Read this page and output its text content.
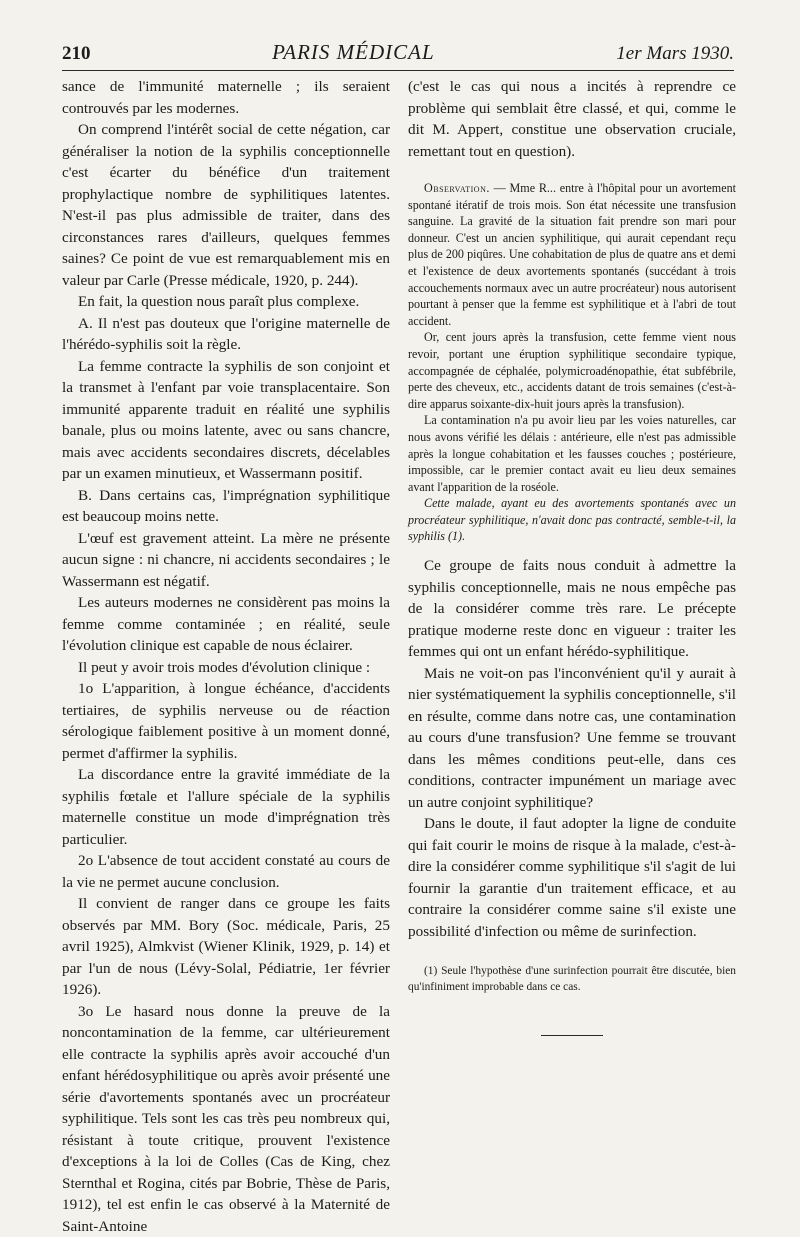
210	PARIS MÉDICAL	1er Mars 1930.

sance de l'immunité maternelle ; ils seraient controuvés par les modernes.

On comprend l'intérêt social de cette négation, car généraliser la notion de la syphilis conceptionnelle c'est écarter du bénéfice d'un traitement prophylactique nombre de syphilitiques latentes. N'est-il pas plus admissible de traiter, dans des circonstances rares d'ailleurs, quelques femmes saines? Ce point de vue est remarquablement mis en valeur par Carle (Presse médicale, 1920, p. 244).

En fait, la question nous paraît plus complexe.

A. Il n'est pas douteux que l'origine maternelle de l'hérédo-syphilis soit la règle.

La femme contracte la syphilis de son conjoint et la transmet à l'enfant par voie transplacentaire. Son immunité apparente traduit en réalité une syphilis banale, plus ou moins latente, avec ou sans chancre, mais avec accidents secondaires discrets, décelables par un examen minutieux, et Wassermann positif.

B. Dans certains cas, l'imprégnation syphilitique est beaucoup moins nette.

L'œuf est gravement atteint. La mère ne présente aucun signe : ni chancre, ni accidents secondaires ; le Wassermann est négatif.

Les auteurs modernes ne considèrent pas moins la femme comme contaminée ; en réalité, seule l'évolution clinique est capable de nous éclairer.

Il peut y avoir trois modes d'évolution clinique :

1o L'apparition, à longue échéance, d'accidents tertiaires, de syphilis nerveuse ou de réaction sérologique faiblement positive à un moment donné, permet d'affirmer la syphilis.

La discordance entre la gravité immédiate de la syphilis fœtale et l'allure spéciale de la syphilis maternelle constitue un mode d'imprégnation très particulier.

2o L'absence de tout accident constaté au cours de la vie ne permet aucune conclusion.

Il convient de ranger dans ce groupe les faits observés par MM. Bory (Soc. médicale, Paris, 25 avril 1925), Almkvist (Wiener Klinik, 1929, p. 14) et par l'un de nous (Lévy-Solal, Pédiatrie, 1er février 1926).

3o Le hasard nous donne la preuve de la noncontamination de la femme, car ultérieurement elle contracte la syphilis après avoir accouché d'un enfant hérédosyphilitique ou après avoir présenté une série d'avortements spontanés avec un procréateur syphilitique. Tels sont les cas très peu nombreux qui, résistant à toute critique, prouvent l'existence d'exceptions à la loi de Colles (Cas de King, chez Sternthal et Rogina, cités par Bobrie, Thèse de Paris, 1912), tel est enfin le cas observé à la Maternité de Saint-Antoine

(c'est le cas qui nous a incités à reprendre ce problème qui semblait être classé, et qui, comme le dit M. Appert, constitue une observation cruciale, remettant tout en question).

Observation. — Mme R... entre à l'hôpital pour un avortement spontané itératif de trois mois. Son état nécessite une transfusion sanguine. La gravité de la situation fait prendre son mari pour donneur. C'est un ancien syphilitique, qui aurait cependant reçu plus de 200 piqûres. Une cohabitation de plus de quatre ans et demi et l'existence de deux avortements spontanés (succédant à trois accouchements normaux avec un autre procréateur) nous autorisent pourtant à penser que la femme est syphilitique et à l'abri de tout accident.

Or, cent jours après la transfusion, cette femme vient nous revoir, portant une éruption syphilitique secondaire typique, accompagnée de céphalée, polymicroadénopathie, état subfébrile, perte des cheveux, etc., accidents datant de trois semaines (c'est-à-dire apparus soixante-dix-huit jours après la transfusion).

La contamination n'a pu avoir lieu par les voies naturelles, car nous avons vérifié les délais : antérieure, elle n'est pas admissible après la longue cohabitation et les fausses couches ; postérieure, impossible, car le premier contact avait eu lieu deux semaines avant l'apparition de la roséole.

Cette malade, ayant eu des avortements spontanés avec un procréateur syphilitique, n'avait donc pas contracté, semble-t-il, la syphilis (1).

Ce groupe de faits nous conduit à admettre la syphilis conceptionnelle, mais ne nous empêche pas de la considérer comme très rare. Le précepte pratique moderne reste donc en vigueur : traiter les femmes qui ont un enfant hérédo-syphilitique.

Mais ne voit-on pas l'inconvénient qu'il y aurait à nier systématiquement la syphilis conceptionnelle, s'il en résulte, comme dans notre cas, une contamination au cours d'une transfusion? Une femme se trouvant dans les mêmes conditions peut-elle, dans ces conditions, contracter impunément un mariage avec un autre conjoint syphilitique?

Dans le doute, il faut adopter la ligne de conduite qui fait courir le moins de risque à la malade, c'est-à-dire la considérer comme syphilitique s'il s'agit de lui fournir la garantie d'un traitement efficace, et au contraire la considérer comme saine s'il existe une possibilité d'infection ou même de surinfection.

(1) Seule l'hypothèse d'une surinfection pourrait être discutée, bien qu'infiniment improbable dans ce cas.
